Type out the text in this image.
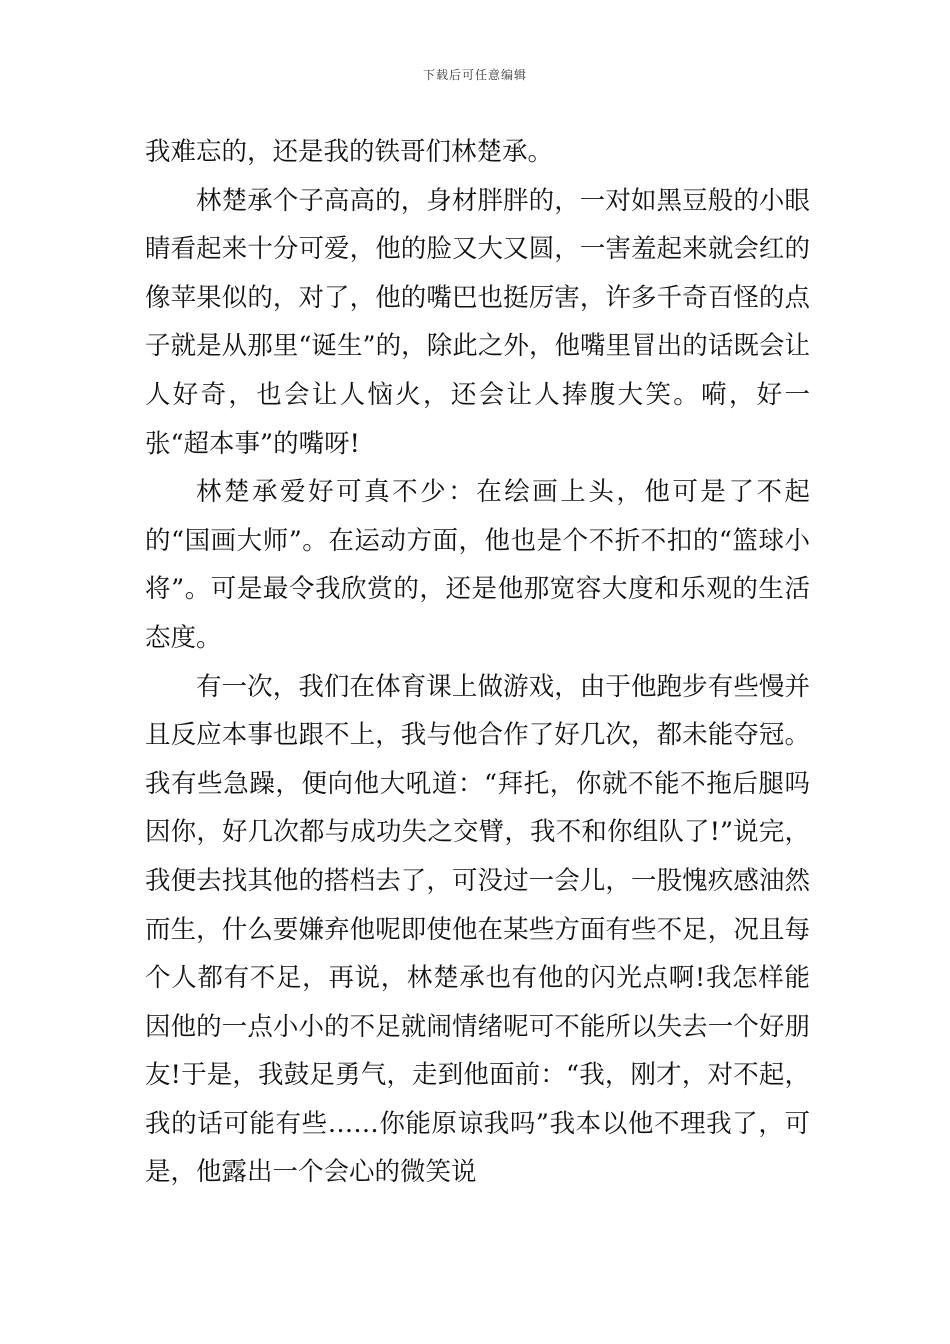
下载后可任意编辑

我难忘的，还是我的铁哥们林楚承。

林楚承个子高高的，身材胖胖的，一对如黑豆般的小眼睛看起来十分可爱，他的脸又大又圆，一害羞起来就会红的像苹果似的，对了，他的嘴巴也挺厉害，许多千奇百怪的点子就是从那里“诞生”的，除此之外，他嘴里冒出的话既会让人好奇，也会让人恼火，还会让人捧腹大笑。嗬，好一张“超本事”的嘴呀!

林楚承爱好可真不少：在绘画上头，他可是了不起的“国画大师”。在运动方面，他也是个不折不扣的“篮球小将”。可是最令我欣赏的，还是他那宽容大度和乐观的生活态度。

有一次，我们在体育课上做游戏，由于他跑步有些慢并且反应本事也跟不上，我与他合作了好几次，都未能夺冠。我有些急躁，便向他大吼道：“拜托，你就不能不拖后腿吗因你，好几次都与成功失之交臂，我不和你组队了!”说完，我便去找其他的搭档去了，可没过一会儿，一股愧疚感油然而生，什么要嫌弃他呢即使他在某些方面有些不足，况且每个人都有不足，再说，林楚承也有他的闪光点啊!我怎样能因他的一点小小的不足就闹情绪呢可不能所以失去一个好朋友!于是，我鼓足勇气，走到他面前：“我，刚才，对不起，我的话可能有些……你能原谅我吗”我本以他不理我了，可是，他露出一个会心的微笑说
